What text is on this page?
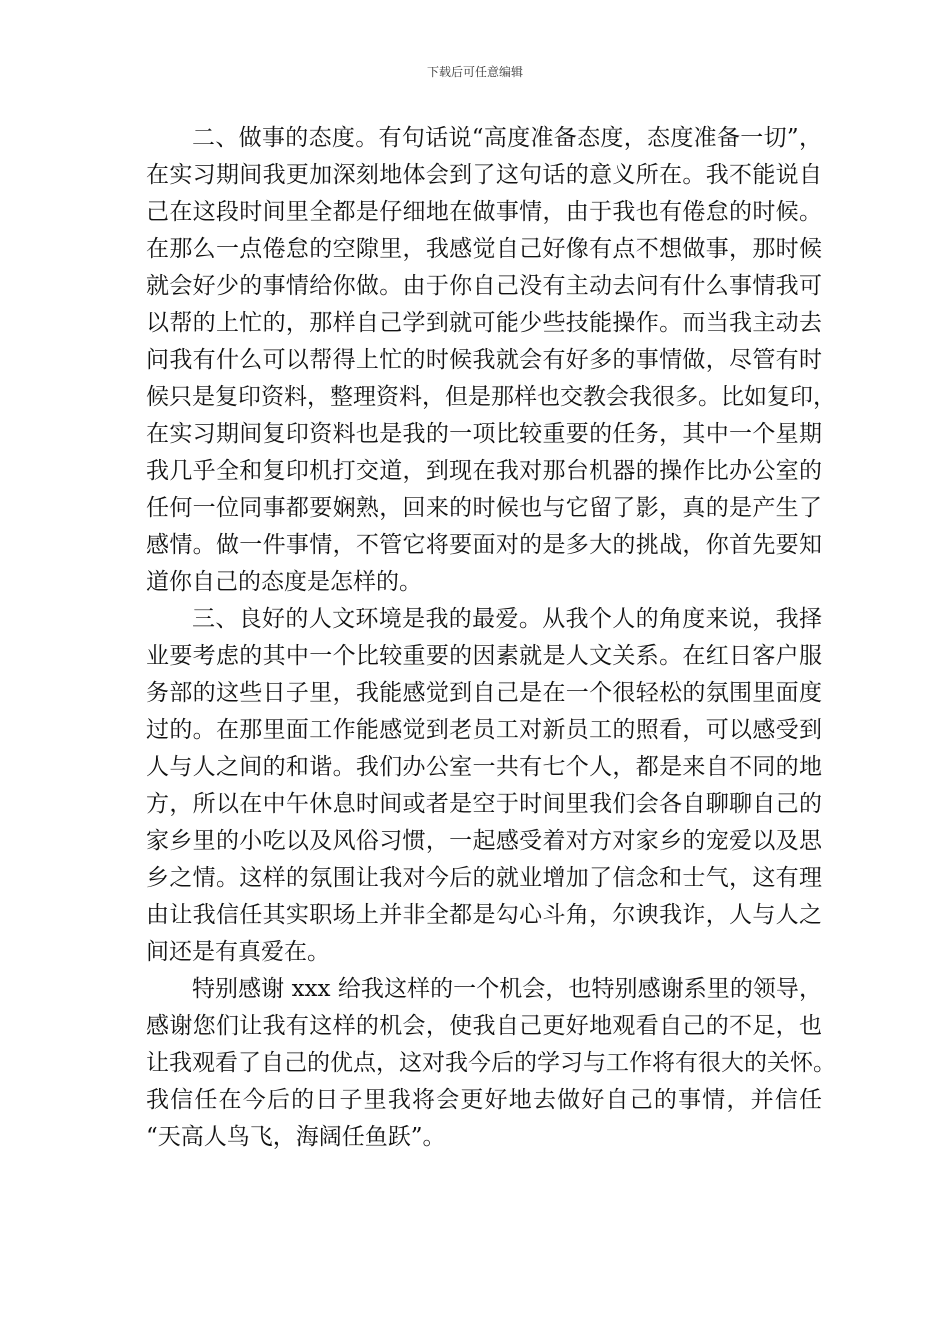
下载后可任意编辑
二、做事的态度。有句话说“高度准备态度，态度准备一切”，
在实习期间我更加深刻地体会到了这句话的意义所在。我不能说自
己在这段时间里全都是仔细地在做事情，由于我也有倦怠的时候。
在那么一点倦怠的空隙里，我感觉自己好像有点不想做事，那时候
就会好少的事情给你做。由于你自己没有主动去问有什么事情我可
以帮的上忙的，那样自己学到就可能少些技能操作。而当我主动去
问我有什么可以帮得上忙的时候我就会有好多的事情做，尽管有时
候只是复印资料，整理资料，但是那样也交教会我很多。比如复印，
在实习期间复印资料也是我的一项比较重要的任务，其中一个星期
我几乎全和复印机打交道，到现在我对那台机器的操作比办公室的
任何一位同事都要娴熟，回来的时候也与它留了影，真的是产生了
感情。做一件事情，不管它将要面对的是多大的挑战，你首先要知
道你自己的态度是怎样的。
三、良好的人文环境是我的最爱。从我个人的角度来说，我择
业要考虑的其中一个比较重要的因素就是人文关系。在红日客户服
务部的这些日子里，我能感觉到自己是在一个很轻松的氛围里面度
过的。在那里面工作能感觉到老员工对新员工的照看，可以感受到
人与人之间的和谐。我们办公室一共有七个人，都是来自不同的地
方，所以在中午休息时间或者是空于时间里我们会各自聊聊自己的
家乡里的小吃以及风俗习惯，一起感受着对方对家乡的宠爱以及思
乡之情。这样的氛围让我对今后的就业增加了信念和士气，这有理
由让我信任其实职场上并非全都是勾心斗角，尔谀我诈，人与人之
间还是有真爱在。
特别感谢 xxx 给我这样的一个机会，也特别感谢系里的领导，
感谢您们让我有这样的机会，使我自己更好地观看自己的不足，也
让我观看了自己的优点，这对我今后的学习与工作将有很大的关怀。
我信任在今后的日子里我将会更好地去做好自己的事情，并信任
“天高人鸟飞，海阔任鱼跃”。
